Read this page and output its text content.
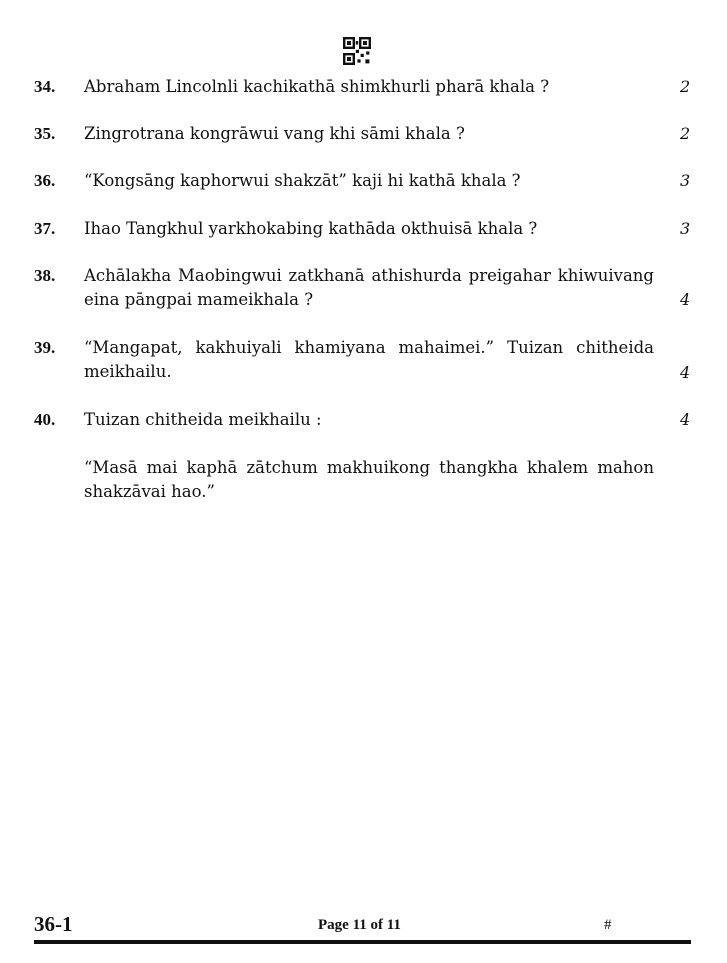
34. Abraham Lincolnli kachikathā shimkhurli pharā khala ?	2
35. Zingrotrana kongrāwui vang khi sāmi khala ?	2
36. “Kongsāng kaphorwui shakzāt” kaji hi kathā khala ?	3
37. Ihao Tangkhul yarkhokabing kathāda okthuisā khala ?	3
38. Achālakha Maobingwui zatkhanā athishurda preigahar khiwuivang eina pāngpai mameikhala ?	4
39. “Mangapat, kakhuiyali khamiyana mahaimei.” Tuizan chitheida meikhailu.	4
40. Tuizan chitheida meikhailu :	4
“Masā mai kaphā zātchum makhuikong thangkha khalem mahon shakzāvai hao.”
36-1	Page 11 of 11	#
